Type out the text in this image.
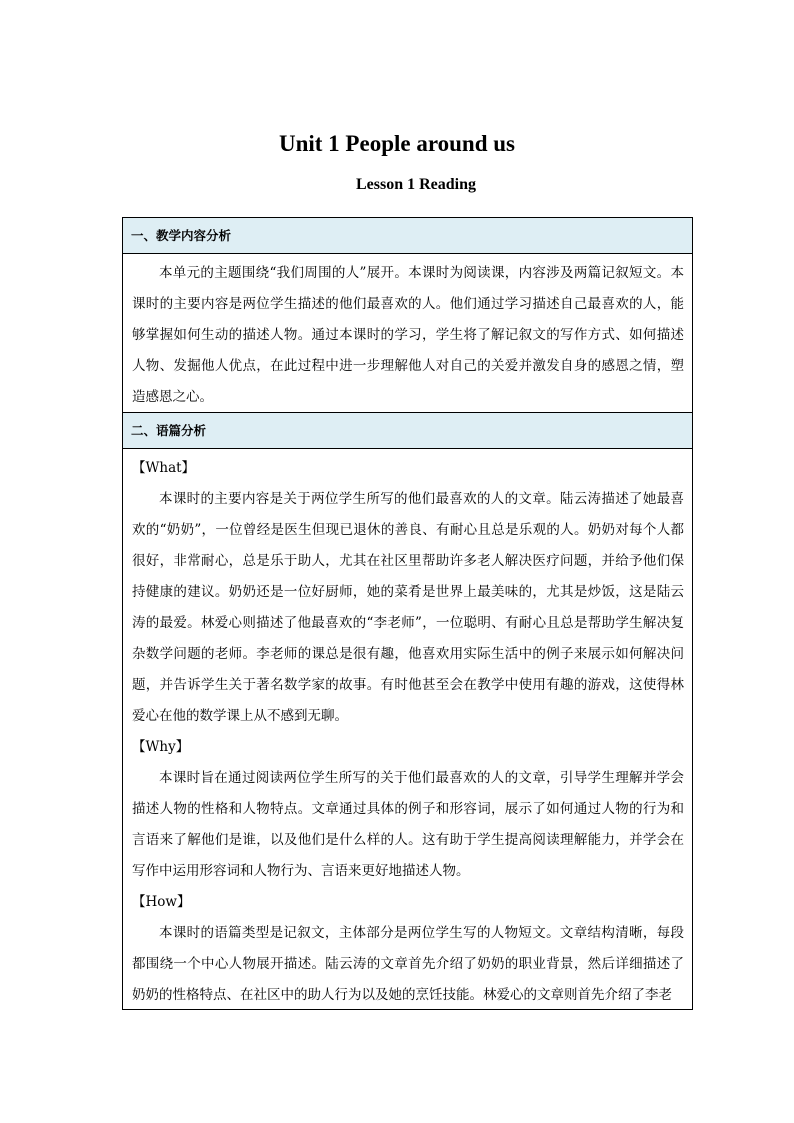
Unit 1 People around us
Lesson 1 Reading
一、教学内容分析

本单元的主题围绕“我们周围的人”展开。本课时为阅读课，内容涉及两篇记叙短文。本课时的主要内容是两位学生描述的他们最喜欢的人。他们通过学习描述自己最喜欢的人，能够掌握如何生动的描述人物。通过本课时的学习，学生将了解记叙文的写作方式、如何描述人物、发掘他人优点，在此过程中进一步理解他人对自己的关爱并激发自身的感恩之情，塑造感恩之心。

二、语篇分析

【What】

本课时的主要内容是关于两位学生所写的他们最喜欢的人的文章。陆云涛描述了她最喜欢的“奶奶”，一位曾经是医生但现已退休的善良、有耐心且总是乐观的人。奶奶对每个人都很好，非常耐心，总是乐于助人，尤其在社区里帮助许多老人解决医疗问题，并给予他们保持健康的建议。奶奶还是一位好厨师，她的菜肴是世界上最美味的，尤其是炒饭，这是陆云涛的最爱。林爱心则描述了他最喜欢的“李老师”，一位聪明、有耐心且总是帮助学生解决复杂数学问题的老师。李老师的课总是很有趣，他喜欢用实际生活中的例子来展示如何解决问题，并告诉学生关于著名数学家的故事。有时他甚至会在教学中使用有趣的游戏，这使得林爱心在他的数学课上从不感到无聊。

【Why】

本课时旨在通过阅读两位学生所写的关于他们最喜欢的人的文章，引导学生理解并学会描述人物的性格和人物特点。文章通过具体的例子和形容词，展示了如何通过人物的行为和言语来了解他们是谁，以及他们是什么样的人。这有助于学生提高阅读理解能力，并学会在写作中运用形容词和人物行为、言语来更好地描述人物。

【How】

本课时的语篇类型是记叙文，主体部分是两位学生写的人物短文。文章结构清晰，每段都围绕一个中心人物展开描述。陆云涛的文章首先介绍了奶奶的职业背景，然后详细描述了奶奶的性格特点、在社区中的助人行为以及她的烹饪技能。林爱心的文章则首先介绍了李老
